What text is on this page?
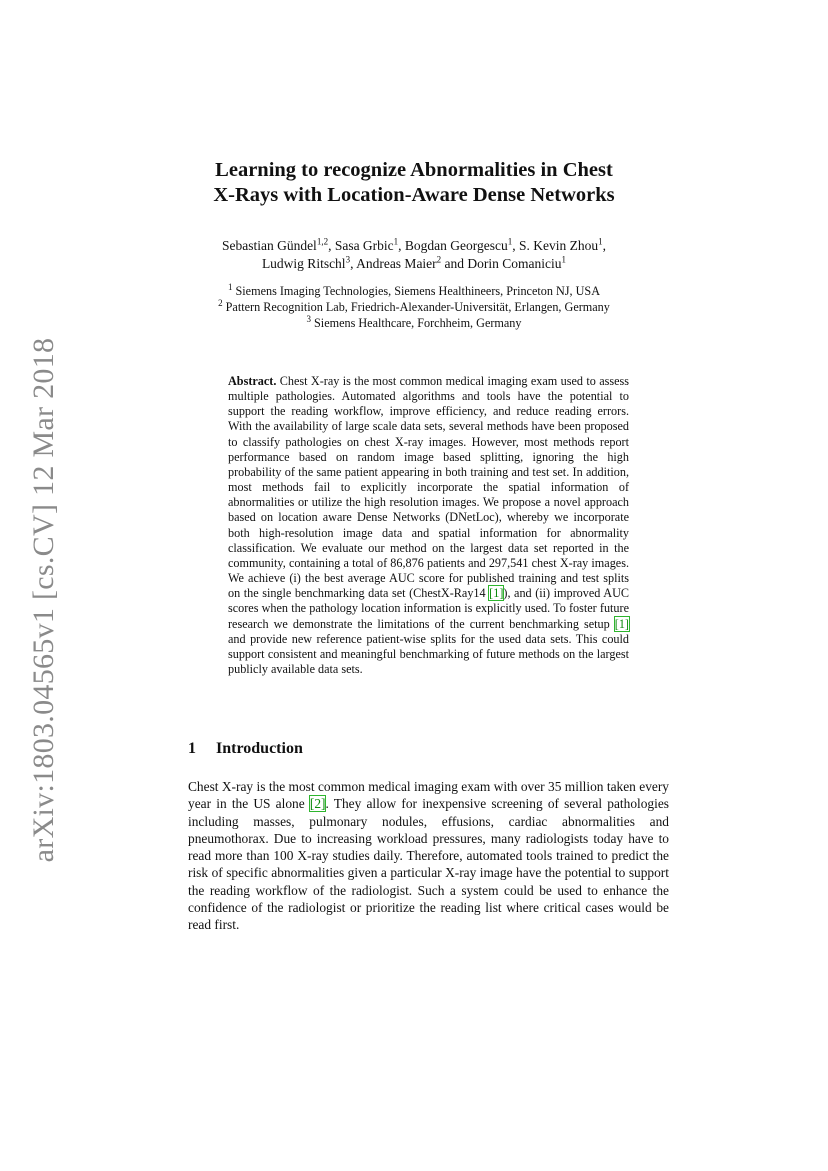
arXiv:1803.04565v1 [cs.CV] 12 Mar 2018
Learning to recognize Abnormalities in Chest
X-Rays with Location-Aware Dense Networks
Sebastian Gündel$^{1,2}$, Sasa Grbic$^1$, Bogdan Georgescu$^1$, S. Kevin Zhou$^1$,
Ludwig Ritschl$^3$, Andreas Maier$^2$ and Dorin Comaniciu$^1$
$^1$ Siemens Imaging Technologies, Siemens Healthineers, Princeton NJ, USA
$^2$ Pattern Recognition Lab, Friedrich-Alexander-Universität, Erlangen, Germany
$^3$ Siemens Healthcare, Forchheim, Germany

Abstract. Chest X-ray is the most common medical imaging exam used to assess multiple pathologies. Automated algorithms and tools have the potential to support the reading workflow, improve efficiency, and reduce reading errors. With the availability of large scale data sets, several methods have been proposed to classify pathologies on chest X-ray images. However, most methods report performance based on random image based splitting, ignoring the high probability of the same patient appearing in both training and test set. In addition, most methods fail to explicitly incorporate the spatial information of abnormalities or utilize the high resolution images. We propose a novel approach based on location aware Dense Networks (DNetLoc), whereby we incorporate both high-resolution image data and spatial information for abnormality classification. We evaluate our method on the largest data set reported in the community, containing a total of 86,876 patients and 297,541 chest X-ray images. We achieve (i) the best average AUC score for published training and test splits on the single benchmarking data set (ChestX-Ray14 [1]), and (ii) improved AUC scores when the pathology location information is explicitly used. To foster future research we demonstrate the limitations of the current benchmarking setup [1] and provide new reference patient-wise splits for the used data sets. This could support consistent and meaningful benchmarking of future methods on the largest publicly available data sets.

1 Introduction

Chest X-ray is the most common medical imaging exam with over 35 million taken every year in the US alone [2]. They allow for inexpensive screening of several pathologies including masses, pulmonary nodules, effusions, cardiac abnormalities and pneumothorax. Due to increasing workload pressures, many radiologists today have to read more than 100 X-ray studies daily. Therefore, automated tools trained to predict the risk of specific abnormalities given a particular X-ray image have the potential to support the reading workflow of the radiologist. Such a system could be used to enhance the confidence of the radiologist or prioritize the reading list where critical cases would be read first.
